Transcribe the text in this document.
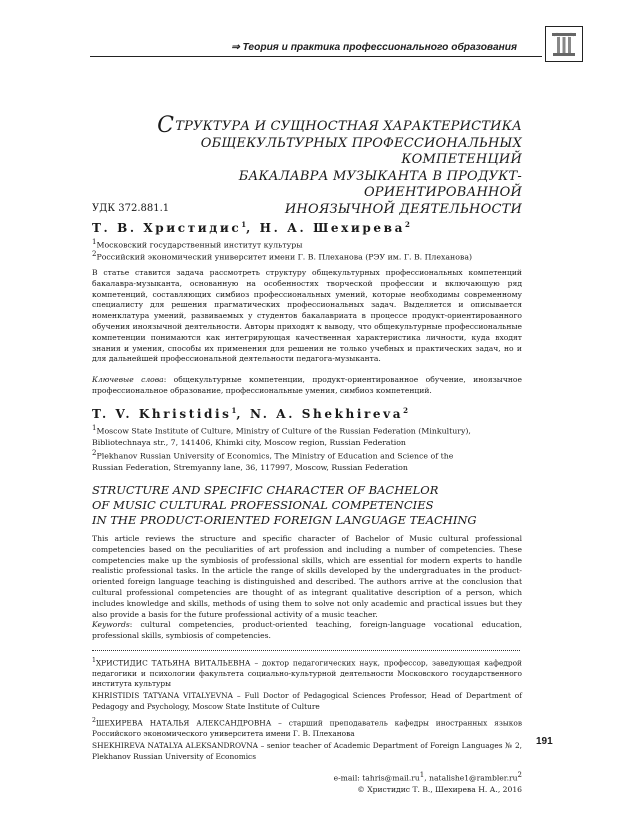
⇒ Теория и практика профессионального образования
СТРУКТУРА И СУЩНОСТНАЯ ХАРАКТЕРИСТИКА
ОБЩЕКУЛЬТУРНЫХ ПРОФЕССИОНАЛЬНЫХ КОМПЕТЕНЦИЙ
БАКАЛАВРА МУЗЫКАНТА В ПРОДУКТ-ОРИЕНТИРОВАННОЙ
ИНОЯЗЫЧНОЙ ДЕЯТЕЛЬНОСТИ
УДК 372.881.1
Т. В. Христидис$^1$, Н. А. Шехирева$^2$
$^1$Московский государственный институт культуры
$^2$Российский экономический университет имени Г. В. Плеханова (РЭУ им. Г. В. Плеханова)
В статье ставится задача рассмотреть структуру общекультурных профессиональных компетенций бакалавра-музыканта, основанную на особенностях творческой профессии и включающую ряд компетенций, составляющих симбиоз профессиональных умений, которые необходимы современному специалисту для решения прагматических профессиональных задач. Выделяется и описывается номенклатура умений, развиваемых у студентов бакалавриата в процессе продукт-ориентированного обучения иноязычной деятельности. Авторы приходят к выводу, что общекультурные профессиональные компетенции понимаются как интегрирующая качественная характеристика личности, куда входят знания и умения, способы их применения для решения не только учебных и практических задач, но и для дальнейшей профессиональной деятельности педагога-музыканта.
Ключевые слова: общекультурные компетенции, продукт-ориентированное обучение, иноязычное профессиональное образование, профессиональные умения, симбиоз компетенций.
T. V. Khristidis$^1$, N. A. Shekhireva$^2$
$^1$Moscow State Institute of Culture, Ministry of Culture of the Russian Federation (Minkultury),
Bibliotechnaya str., 7, 141406, Khimki city, Moscow region, Russian Federation
$^2$Plekhanov Russian University of Economics, The Ministry of Education and Science of the
Russian Federation, Stremyanny lane, 36, 117997, Moscow, Russian Federation
STRUCTURE AND SPECIFIC CHARACTER OF BACHELOR
OF MUSIC CULTURAL PROFESSIONAL COMPETENCIES
IN THE PRODUCT-ORIENTED FOREIGN LANGUAGE TEACHING
This article reviews the structure and specific character of Bachelor of Music cultural professional competencies based on the peculiarities of art profession and including a number of competencies. These competencies make up the symbiosis of professional skills, which are essential for modern experts to handle realistic professional tasks. In the article the range of skills developed by the undergraduates in the product-oriented foreign language teaching is distinguished and described. The authors arrive at the conclusion that cultural professional competencies are thought of as integrant qualitative description of a person, which includes knowledge and skills, methods of using them to solve not only academic and practical issues but they also provide a basis for the future professional activity of a music teacher.
Keywords: cultural competencies, product-oriented teaching, foreign-language vocational education, professional skills, symbiosis of competencies.
$^1$ХРИСТИДИС ТАТЬЯНА ВИТАЛЬЕВНА – доктор педагогических наук, профессор, заведующая кафедрой педагогики и психологии факультета социально-культурной деятельности Московского государственного института культуры
KHRISTIDIS TATYANA VITALYEVNA – Full Doctor of Pedagogical Sciences Professor, Head of Department of Pedagogy and Psychology, Moscow State Institute of Culture
$^2$ШЕХИРЕВА НАТАЛЬЯ АЛЕКСАНДРОВНА – старший преподаватель кафедры иностранных языков Российского экономического университета имени Г. В. Плеханова
SHEKHIREVA NATALYA ALEKSANDROVNA – senior teacher of Academic Department of Foreign Languages № 2, Plekhanov Russian University of Economics
191
e-mail: $tahris@mail.ru^1$, $natalishe1@rambler.ru^2$
© Христидис Т. В., Шехирева Н. А., 2016
